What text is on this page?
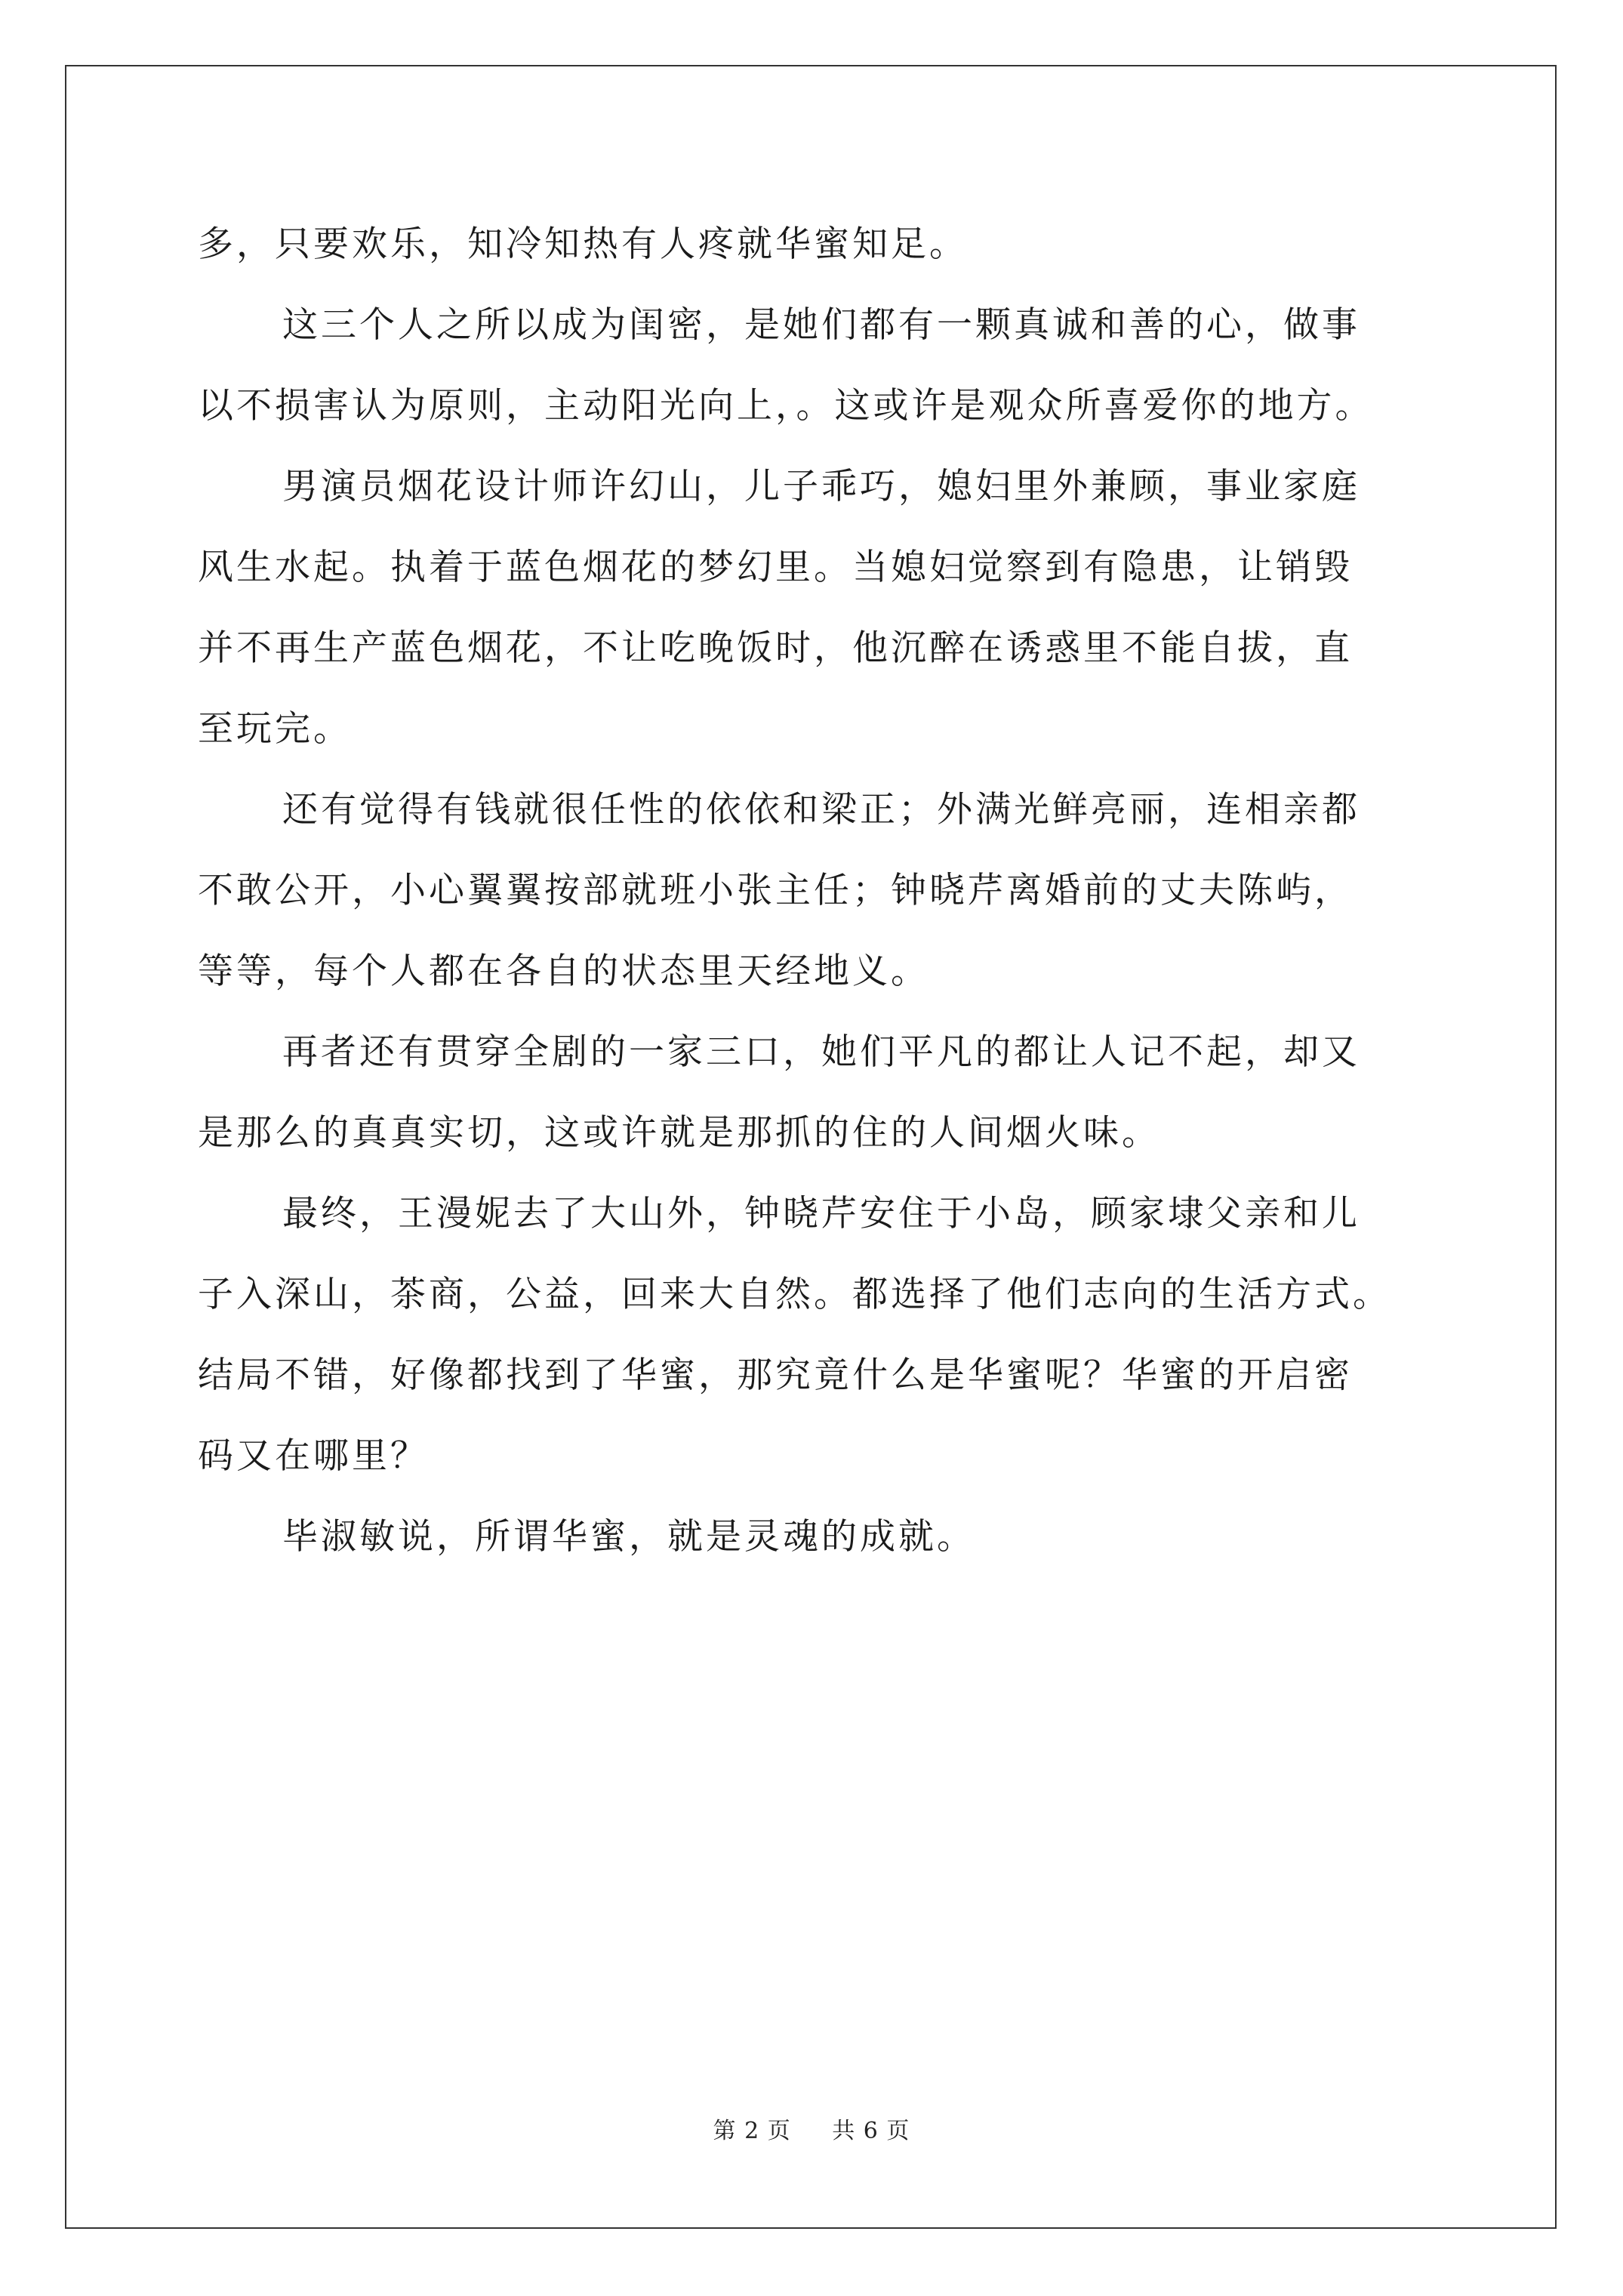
多，只要欢乐，知冷知热有人疼就华蜜知足。
这三个人之所以成为闺密，是她们都有一颗真诚和善的心，做事
以不损害认为原则，主动阳光向上，。这或许是观众所喜爱你的地方。
男演员烟花设计师许幻山，儿子乖巧，媳妇里外兼顾，事业家庭
风生水起。执着于蓝色烟花的梦幻里。当媳妇觉察到有隐患，让销毁
并不再生产蓝色烟花，不让吃晚饭时，他沉醉在诱惑里不能自拔，直
至玩完。
还有觉得有钱就很任性的依依和梁正；外满光鲜亮丽，连相亲都
不敢公开，小心翼翼按部就班小张主任；钟晓芹离婚前的丈夫陈屿，
等等，每个人都在各自的状态里天经地义。
再者还有贯穿全剧的一家三口，她们平凡的都让人记不起，却又
是那么的真真实切，这或许就是那抓的住的人间烟火味。
最终，王漫妮去了大山外，钟晓芹安住于小岛，顾家埭父亲和儿
子入深山，茶商，公益，回来大自然。都选择了他们志向的生活方式。
结局不错，好像都找到了华蜜，那究竟什么是华蜜呢？华蜜的开启密
码又在哪里？
毕淑敏说，所谓华蜜，就是灵魂的成就。
第 2 页 共 6 页
